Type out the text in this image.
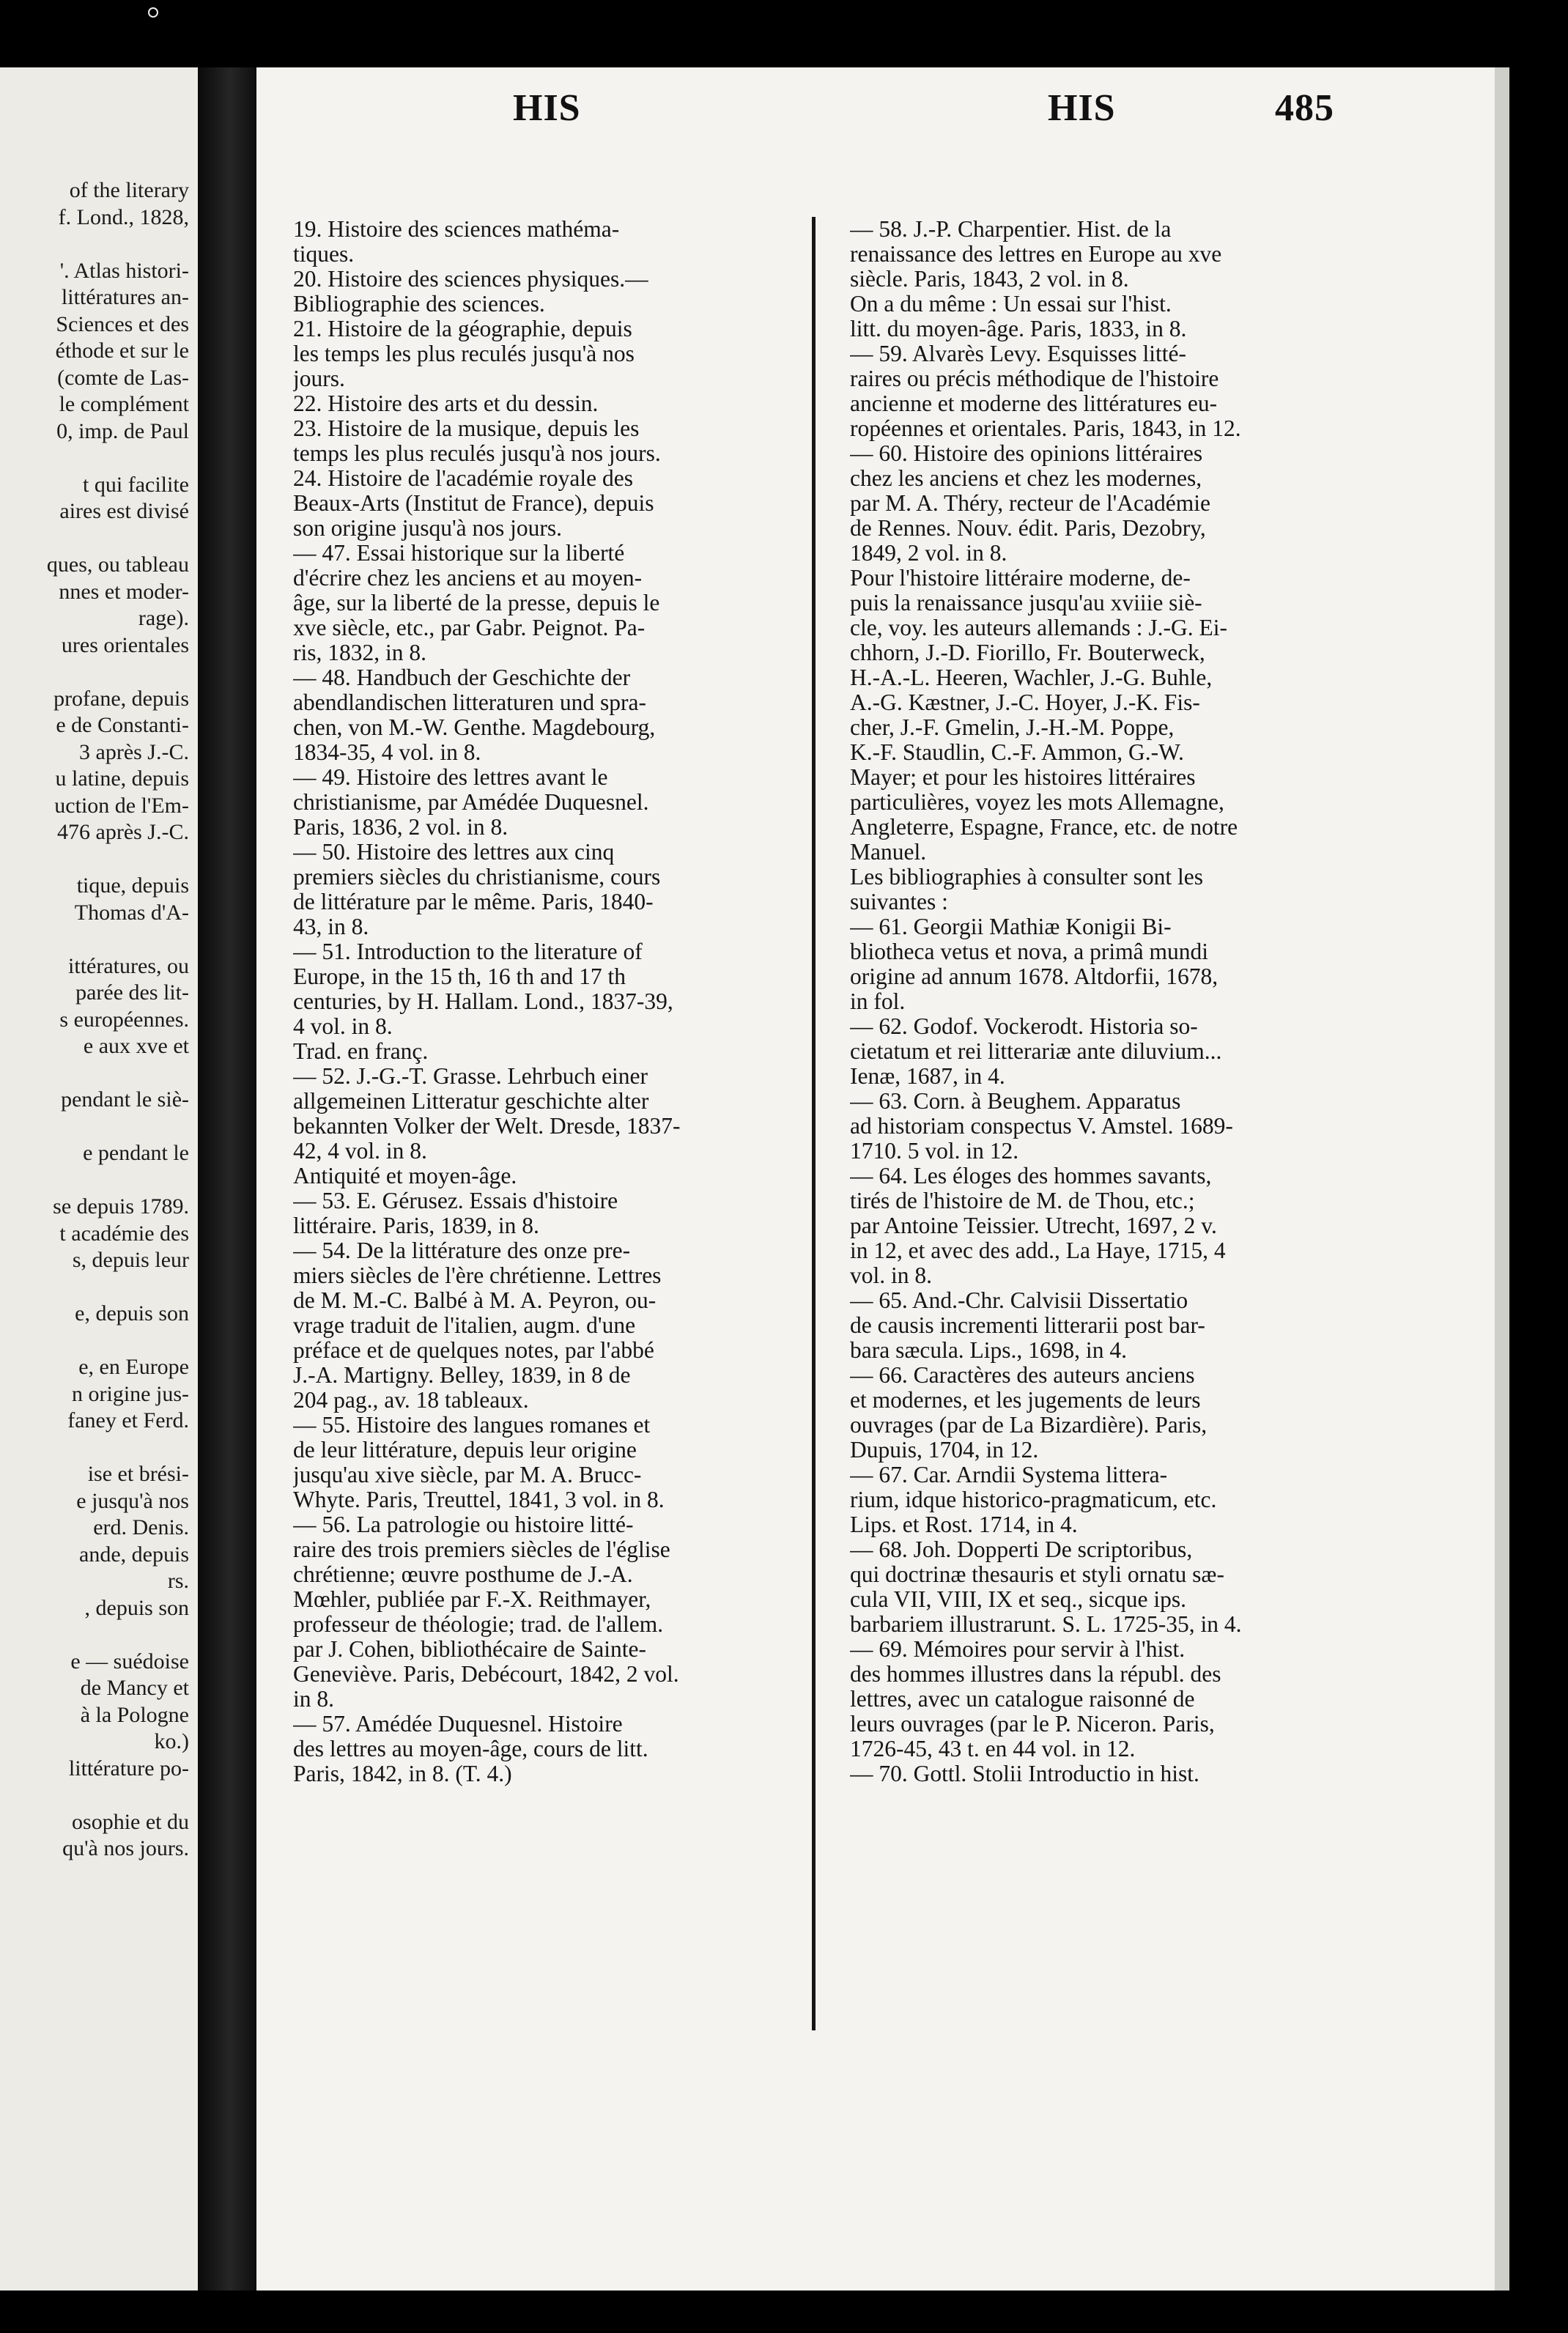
of the literary
f. Lond., 1828,
'. Atlas histori-
littératures an-
Sciences et des
éthode et sur le
(comte de Las-
le complément
0, imp. de Paul
t qui facilite
aires est divisé
ques, ou tableau
nnes et moder-
rage).
ures orientales
profane, depuis
e de Constanti-
3 après J.-C.
u latine, depuis
uction de l'Em-
476 après J.-C.
tique, depuis
Thomas d'A-
ittératures, ou
parée des lit-
s européennes.
e aux xve et
pendant le siè-
e pendant le
se depuis 1789.
t académie des
s, depuis leur
e, depuis son
e, en Europe
n origine jus-
faney et Ferd.
ise et brési-
e jusqu'à nos
erd. Denis.
ande, depuis
rs.
, depuis son
e — suédoise
de Mancy et
à la Pologne
ko.)
littérature po-
osophie et du
qu'à nos jours.
HIS	HIS	485
19. Histoire des sciences mathéma-
tiques.
20. Histoire des sciences physiques.—
Bibliographie des sciences.
21. Histoire de la géographie, depuis
les temps les plus reculés jusqu'à nos
jours.
22. Histoire des arts et du dessin.
23. Histoire de la musique, depuis les
temps les plus reculés jusqu'à nos jours.
24. Histoire de l'académie royale des
Beaux-Arts (Institut de France), depuis
son origine jusqu'à nos jours.
— 47. Essai historique sur la liberté
d'écrire chez les anciens et au moyen-
âge, sur la liberté de la presse, depuis le
xve siècle, etc., par Gabr. Peignot. Pa-
ris, 1832, in 8.
— 48. Handbuch der Geschichte der
abendlandischen litteraturen und spra-
chen, von M.-W. Genthe. Magdebourg,
1834-35, 4 vol. in 8.
— 49. Histoire des lettres avant le
christianisme, par Amédée Duquesnel.
Paris, 1836, 2 vol. in 8.
— 50. Histoire des lettres aux cinq
premiers siècles du christianisme, cours
de littérature par le même. Paris, 1840-
43, in 8.
— 51. Introduction to the literature of
Europe, in the 15 th, 16 th and 17 th
centuries, by H. Hallam. Lond., 1837-39,
4 vol. in 8.
Trad. en franç.
— 52. J.-G.-T. Grasse. Lehrbuch einer
allgemeinen Litteratur geschichte alter
bekannten Volker der Welt. Dresde, 1837-
42, 4 vol. in 8.
Antiquité et moyen-âge.
— 53. E. Gérusez. Essais d'histoire
littéraire. Paris, 1839, in 8.
— 54. De la littérature des onze pre-
miers siècles de l'ère chrétienne. Lettres
de M. M.-C. Balbé à M. A. Peyron, ou-
vrage traduit de l'italien, augm. d'une
préface et de quelques notes, par l'abbé
J.-A. Martigny. Belley, 1839, in 8 de
204 pag., av. 18 tableaux.
— 55. Histoire des langues romanes et
de leur littérature, depuis leur origine
jusqu'au xive siècle, par M. A. Brucc-
Whyte. Paris, Treuttel, 1841, 3 vol. in 8.
— 56. La patrologie ou histoire litté-
raire des trois premiers siècles de l'église
chrétienne; œuvre posthume de J.-A.
Mœhler, publiée par F.-X. Reithmayer,
professeur de théologie; trad. de l'allem.
par J. Cohen, bibliothécaire de Sainte-
Geneviève. Paris, Debécourt, 1842, 2 vol.
in 8.
— 57. Amédée Duquesnel. Histoire
des lettres au moyen-âge, cours de litt.
Paris, 1842, in 8. (T. 4.)
— 58. J.-P. Charpentier. Hist. de la
renaissance des lettres en Europe au xve
siècle. Paris, 1843, 2 vol. in 8.
On a du même : Un essai sur l'hist.
litt. du moyen-âge. Paris, 1833, in 8.
— 59. Alvarès Levy. Esquisses litté-
raires ou précis méthodique de l'histoire
ancienne et moderne des littératures eu-
ropéennes et orientales. Paris, 1843, in 12.
— 60. Histoire des opinions littéraires
chez les anciens et chez les modernes,
par M. A. Théry, recteur de l'Académie
de Rennes. Nouv. édit. Paris, Dezobry,
1849, 2 vol. in 8.
Pour l'histoire littéraire moderne, de-
puis la renaissance jusqu'au xviiie siè-
cle, voy. les auteurs allemands : J.-G. Ei-
chhorn, J.-D. Fiorillo, Fr. Bouterweck,
H.-A.-L. Heeren, Wachler, J.-G. Buhle,
A.-G. Kæstner, J.-C. Hoyer, J.-K. Fis-
cher, J.-F. Gmelin, J.-H.-M. Poppe,
K.-F. Staudlin, C.-F. Ammon, G.-W.
Mayer; et pour les histoires littéraires
particulières, voyez les mots Allemagne,
Angleterre, Espagne, France, etc. de notre
Manuel.
Les bibliographies à consulter sont les
suivantes :
— 61. Georgii Mathiæ Konigii Bi-
bliotheca vetus et nova, a primâ mundi
origine ad annum 1678. Altdorfii, 1678,
in fol.
— 62. Godof. Vockerodt. Historia so-
cietatum et rei litterariæ ante diluvium...
Ienæ, 1687, in 4.
— 63. Corn. à Beughem. Apparatus
ad historiam conspectus V. Amstel. 1689-
1710. 5 vol. in 12.
— 64. Les éloges des hommes savants,
tirés de l'histoire de M. de Thou, etc.;
par Antoine Teissier. Utrecht, 1697, 2 v.
in 12, et avec des add., La Haye, 1715, 4
vol. in 8.
— 65. And.-Chr. Calvisii Dissertatio
de causis incrementi litterarii post bar-
bara sæcula. Lips., 1698, in 4.
— 66. Caractères des auteurs anciens
et modernes, et les jugements de leurs
ouvrages (par de La Bizardière). Paris,
Dupuis, 1704, in 12.
— 67. Car. Arndii Systema littera-
rium, idque historico-pragmaticum, etc.
Lips. et Rost. 1714, in 4.
— 68. Joh. Dopperti De scriptoribus,
qui doctrinæ thesauris et styli ornatu sæ-
cula VII, VIII, IX et seq., sicque ips.
barbariem illustrarunt. S. L. 1725-35, in 4.
— 69. Mémoires pour servir à l'hist.
des hommes illustres dans la républ. des
lettres, avec un catalogue raisonné de
leurs ouvrages (par le P. Niceron. Paris,
1726-45, 43 t. en 44 vol. in 12.
— 70. Gottl. Stolii Introductio in hist.
